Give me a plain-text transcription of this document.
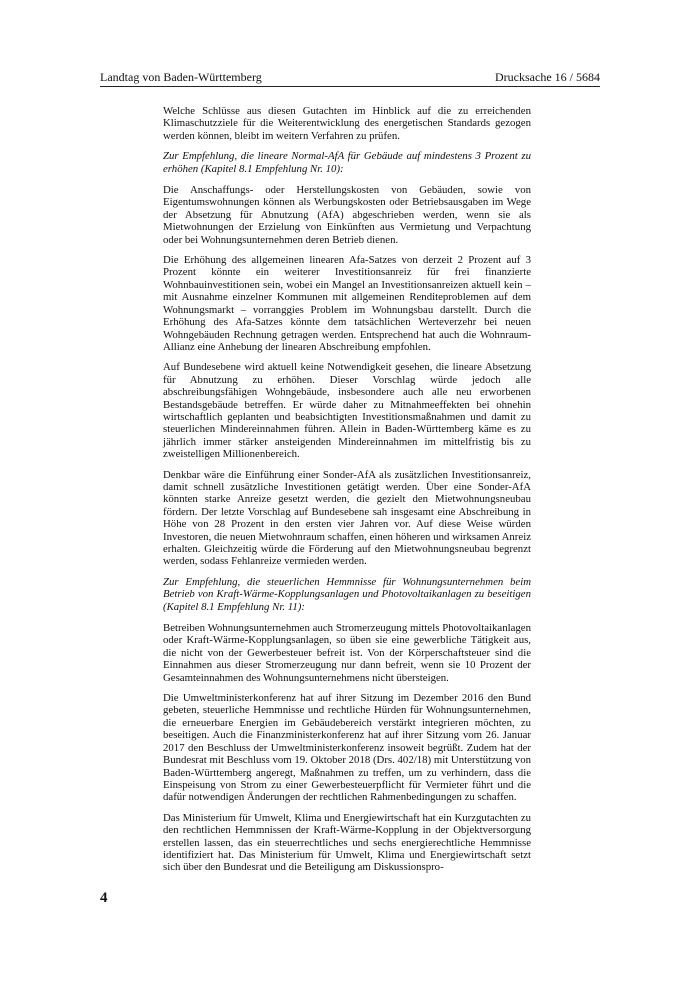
Landtag von Baden-Württemberg	Drucksache 16 / 5684

Welche Schlüsse aus diesen Gutachten im Hinblick auf die zu erreichenden Klimaschutzziele für die Weiterentwicklung des energetischen Standards gezogen werden können, bleibt im weitern Verfahren zu prüfen.

Zur Empfehlung, die lineare Normal-AfA für Gebäude auf mindestens 3 Prozent zu erhöhen (Kapitel 8.1 Empfehlung Nr. 10):

Die Anschaffungs- oder Herstellungskosten von Gebäuden, sowie von Eigentumswohnungen können als Werbungskosten oder Betriebsausgaben im Wege der Absetzung für Abnutzung (AfA) abgeschrieben werden, wenn sie als Mietwohnungen der Erzielung von Einkünften aus Vermietung und Verpachtung oder bei Wohnungsunternehmen deren Betrieb dienen.

Die Erhöhung des allgemeinen linearen Afa-Satzes von derzeit 2 Prozent auf 3 Prozent könnte ein weiterer Investitionsanreiz für frei finanzierte Wohnbauinvestitionen sein, wobei ein Mangel an Investitionsanreizen aktuell kein – mit Ausnahme einzelner Kommunen mit allgemeinen Renditeproblemen auf dem Wohnungsmarkt – vorranggies Problem im Wohnungsbau darstellt. Durch die Erhöhung des Afa-Satzes könnte dem tatsächlichen Werteverzehr bei neuen Wohngebäuden Rechnung getragen werden. Entsprechend hat auch die Wohnraum-Allianz eine Anhebung der linearen Abschreibung empfohlen.

Auf Bundesebene wird aktuell keine Notwendigkeit gesehen, die lineare Absetzung für Abnutzung zu erhöhen. Dieser Vorschlag würde jedoch alle abschreibungsfähigen Wohngebäude, insbesondere auch alle neu erworbenen Bestandsgebäude betreffen. Er würde daher zu Mitnahmeeffekten bei ohnehin wirtschaftlich geplanten und beabsichtigten Investitionsmaßnahmen und damit zu steuerlichen Mindereinnahmen führen. Allein in Baden-Württemberg käme es zu jährlich immer stärker ansteigenden Mindereinnahmen im mittelfristig bis zu zweistelligen Millionenbereich.

Denkbar wäre die Einführung einer Sonder-AfA als zusätzlichen Investitionsanreiz, damit schnell zusätzliche Investitionen getätigt werden. Über eine Sonder-AfA könnten starke Anreize gesetzt werden, die gezielt den Mietwohnungsneubau fördern. Der letzte Vorschlag auf Bundesebene sah insgesamt eine Abschreibung in Höhe von 28 Prozent in den ersten vier Jahren vor. Auf diese Weise würden Investoren, die neuen Mietwohnraum schaffen, einen höheren und wirksamen Anreiz erhalten. Gleichzeitig würde die Förderung auf den Mietwohnungsneubau begrenzt werden, sodass Fehlanreize vermieden werden.

Zur Empfehlung, die steuerlichen Hemmnisse für Wohnungsunternehmen beim Betrieb von Kraft-Wärme-Kopplungsanlagen und Photovoltaikanlagen zu beseitigen (Kapitel 8.1 Empfehlung Nr. 11):

Betreiben Wohnungsunternehmen auch Stromerzeugung mittels Photovoltaikanlagen oder Kraft-Wärme-Kopplungsanlagen, so üben sie eine gewerbliche Tätigkeit aus, die nicht von der Gewerbesteuer befreit ist. Von der Körperschaftsteuer sind die Einnahmen aus dieser Stromerzeugung nur dann befreit, wenn sie 10 Prozent der Gesamteinnahmen des Wohnungsunternehmens nicht übersteigen.

Die Umweltministerkonferenz hat auf ihrer Sitzung im Dezember 2016 den Bund gebeten, steuerliche Hemmnisse und rechtliche Hürden für Wohnungsunternehmen, die erneuerbare Energien im Gebäudebereich verstärkt integrieren möchten, zu beseitigen. Auch die Finanzministerkonferenz hat auf ihrer Sitzung vom 26. Januar 2017 den Beschluss der Umweltministerkonferenz insoweit begrüßt. Zudem hat der Bundesrat mit Beschluss vom 19. Oktober 2018 (Drs. 402/18) mit Unterstützung von Baden-Württemberg angeregt, Maßnahmen zu treffen, um zu verhindern, dass die Einspeisung von Strom zu einer Gewerbesteuerpflicht für Vermieter führt und die dafür notwendigen Änderungen der rechtlichen Rahmenbedingungen zu schaffen.

Das Ministerium für Umwelt, Klima und Energiewirtschaft hat ein Kurzgutachten zu den rechtlichen Hemmnissen der Kraft-Wärme-Kopplung in der Objektversorgung erstellen lassen, das ein steuerrechtliches und sechs energierechtliche Hemmnisse identifiziert hat. Das Ministerium für Umwelt, Klima und Energiewirtschaft setzt sich über den Bundesrat und die Beteiligung am Diskussionspro-

4
